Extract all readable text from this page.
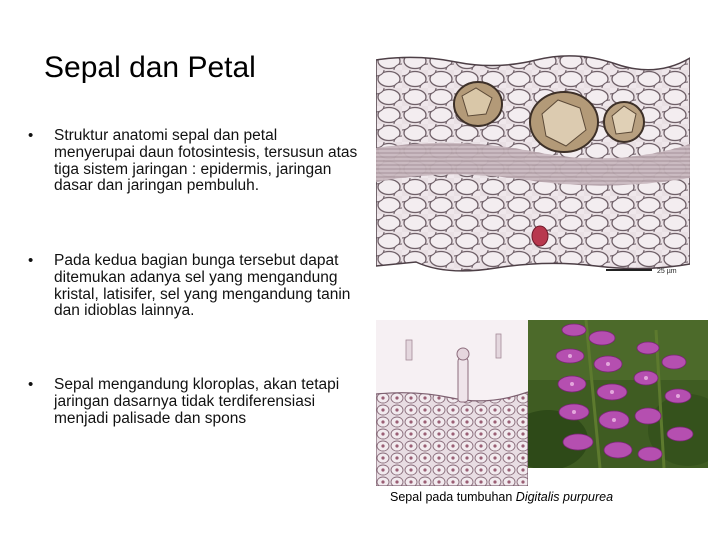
Sepal dan Petal
•	Struktur anatomi sepal dan petal menyerupai daun fotosintesis, tersusun atas tiga sistem jaringan : epidermis, jaringan dasar dan jaringan pembuluh.
•	Pada kedua bagian bunga tersebut dapat ditemukan adanya sel yang mengandung kristal, latisifer, sel yang mengandung tanin dan idioblas lainnya.
•	Sepal mengandung kloroplas, akan tetapi jaringan dasarnya tidak terdiferensiasi menjadi palisade dan spons
25 µm
Sepal pada tumbuhan Digitalis purpurea
